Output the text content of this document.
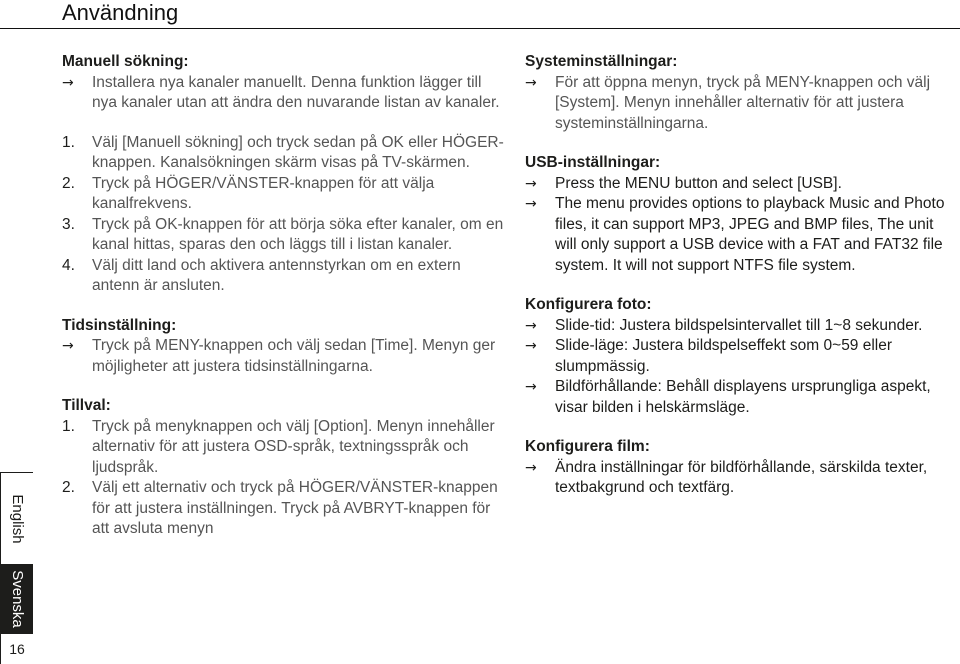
Användning
Manuell sökning:
→	Installera nya kanaler manuellt. Denna funktion lägger till nya kanaler utan att ändra den nuvarande listan av kanaler.
1.	Välj [Manuell sökning] och tryck sedan på OK eller HÖGER-knappen. Kanalsökningen skärm visas på TV-skärmen.
2.	Tryck på HÖGER/VÄNSTER-knappen för att välja kanalfrekvens.
3.	Tryck på OK-knappen för att börja söka efter kanaler, om en kanal hittas, sparas den och läggs till i listan kanaler.
4.	Välj ditt land och aktivera antennstyrkan om en extern antenn är ansluten.
Tidsinställning:
→	Tryck på MENY-knappen och välj sedan [Time]. Menyn ger möjligheter att justera tidsinställningarna.
Tillval:
1.	Tryck på menyknappen och välj [Option]. Menyn innehåller alternativ för att justera OSD-språk, textningsspråk och ljudspråk.
2.	Välj ett alternativ och tryck på HÖGER/VÄNSTER-knappen för att justera inställningen. Tryck på AVBRYT-knappen för att avsluta menyn
Systeminställningar:
→	För att öppna menyn, tryck på MENY-knappen och välj [System]. Menyn innehåller alternativ för att justera systeminställningarna.
USB-inställningar:
→	Press the MENU button and select [USB].
→	The menu provides options to playback Music and Photo files, it can support MP3, JPEG and BMP files, The unit will only support a USB device with a FAT and FAT32 file system. It will not support NTFS file system.
Konfigurera foto:
→	Slide-tid: Justera bildspelsintervallet till 1~8 sekunder.
→	Slide-läge: Justera bildspelseffekt som 0~59 eller slumpmässig.
→	Bildförhållande: Behåll displayens ursprungliga aspekt, visar bilden i helskärmsläge.
Konfigurera film:
→	Ändra inställningar för bildförhållande, särskilda texter, textbakgrund och textfärg.
English
Svenska
16
